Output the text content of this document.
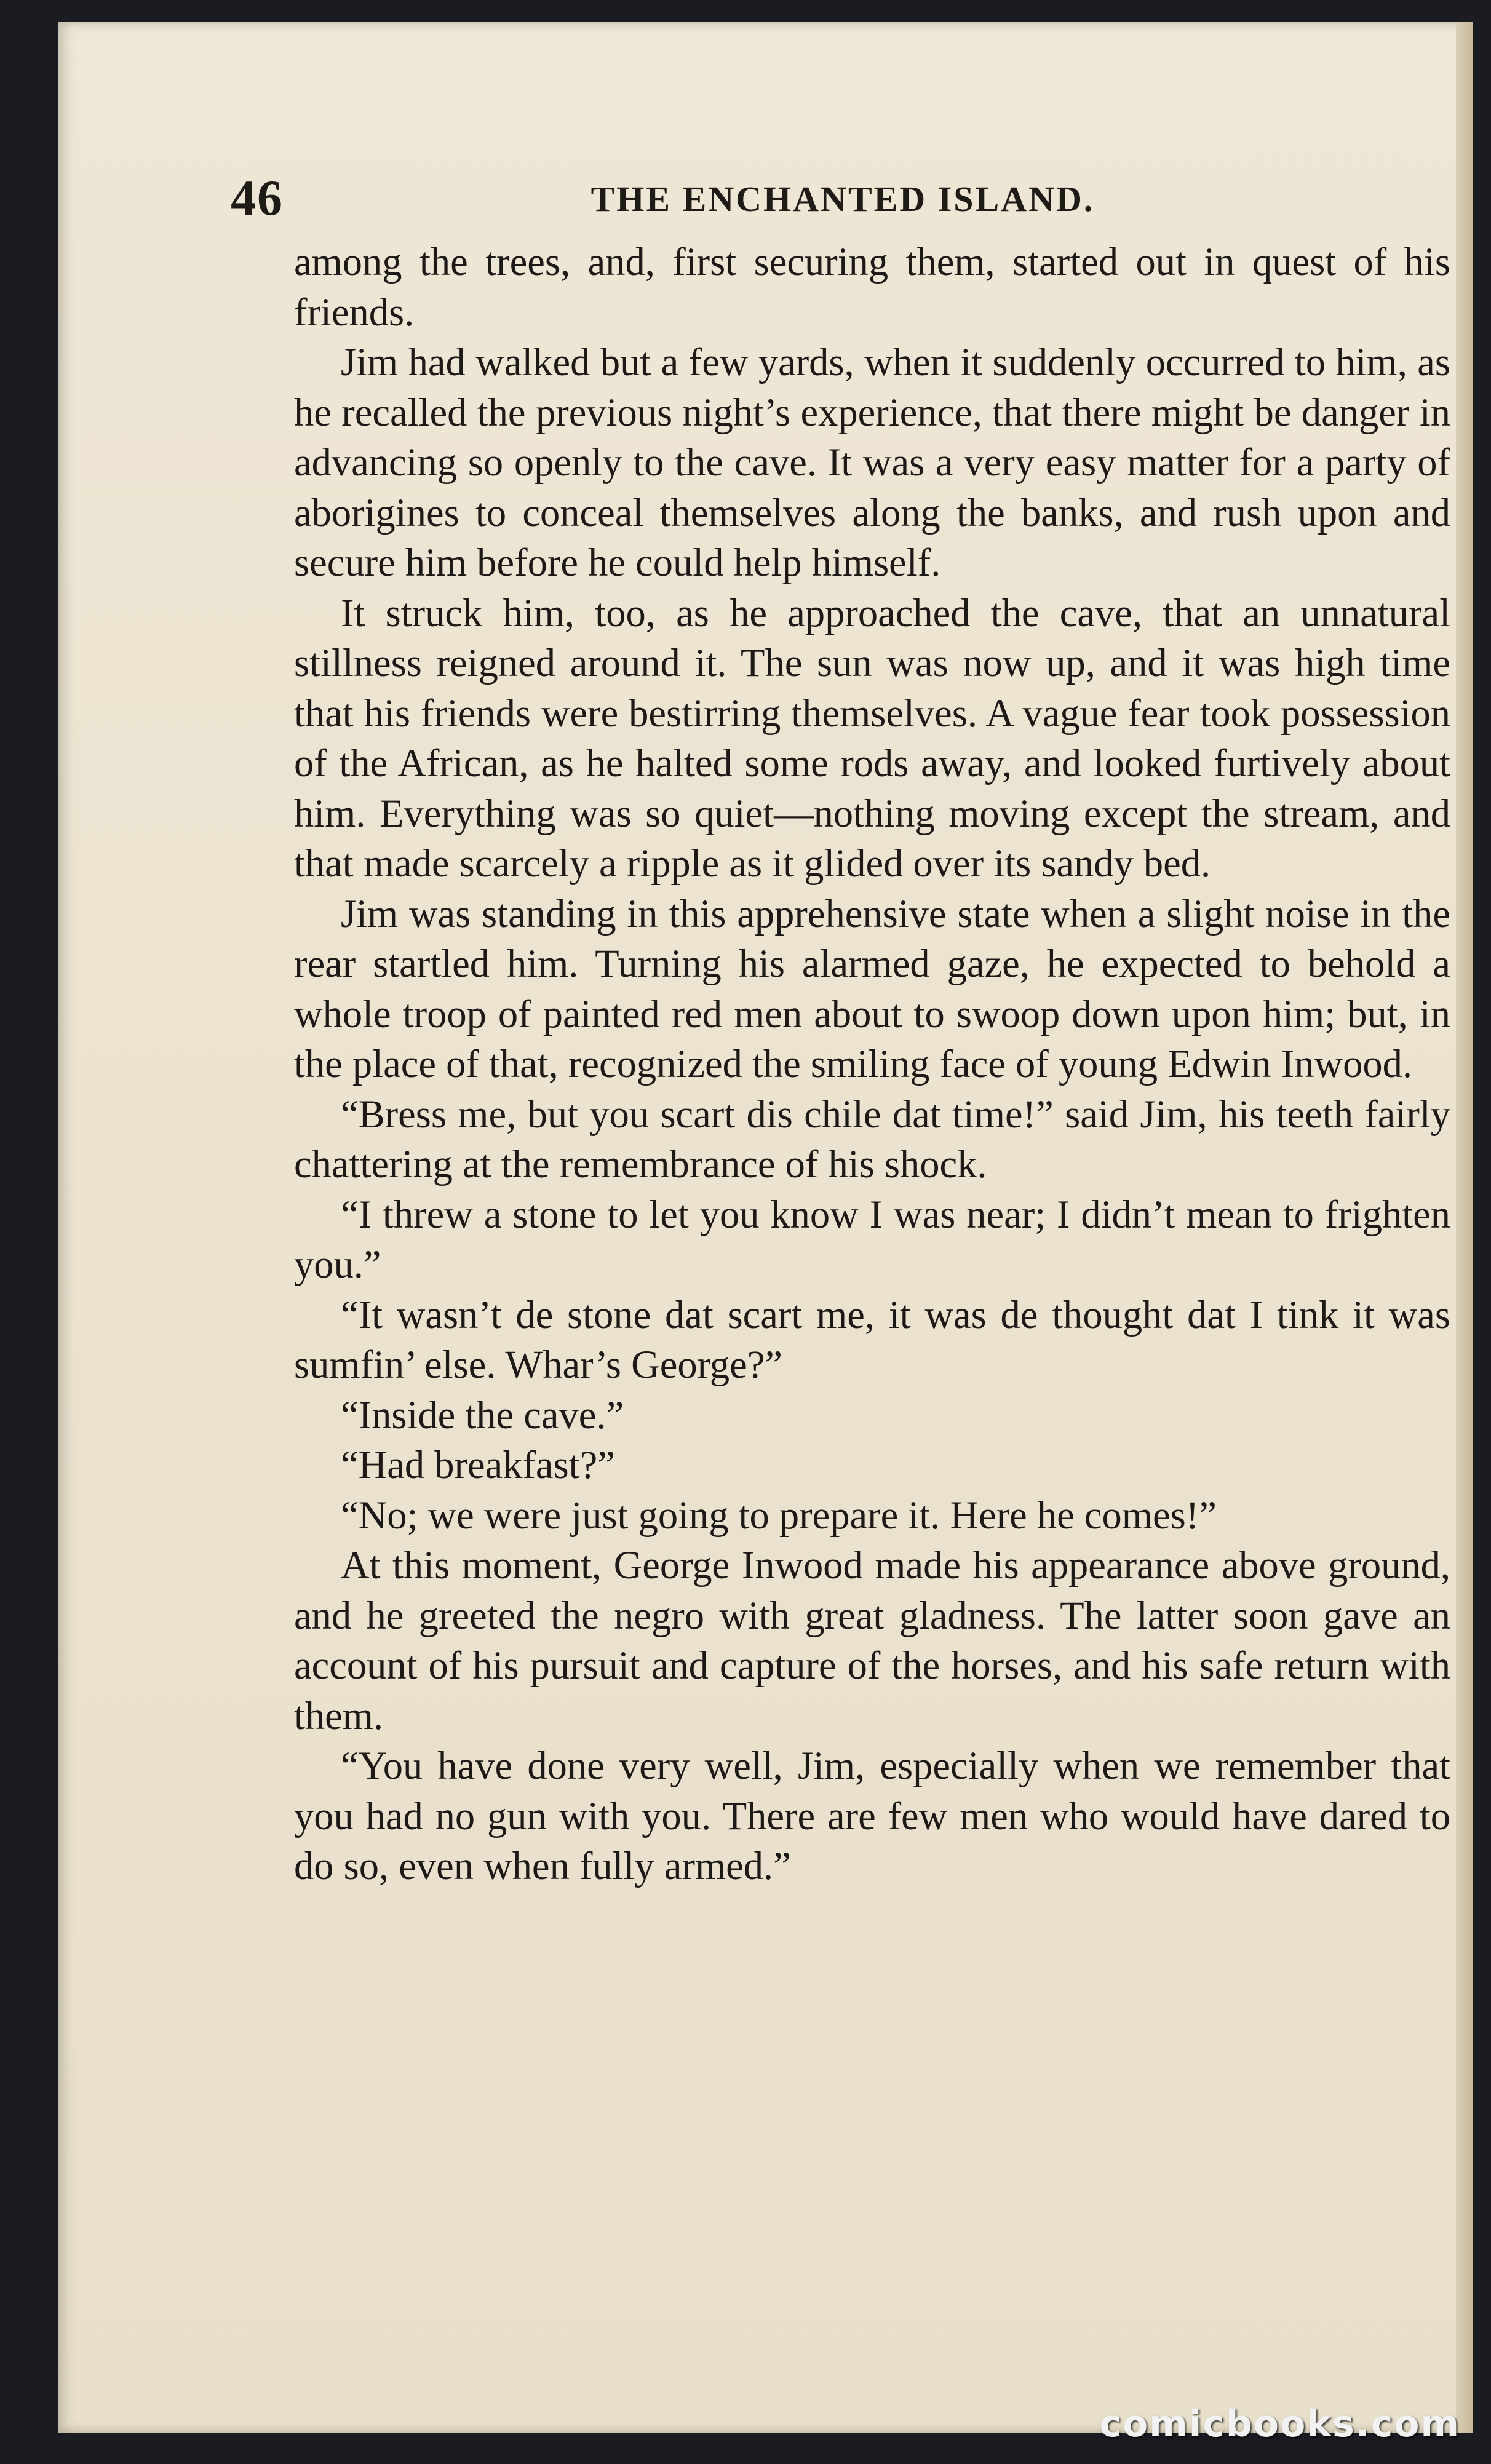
46	THE ENCHANTED ISLAND.

among the trees, and, first securing them, started out in quest of his friends.

Jim had walked but a few yards, when it suddenly occurred to him, as he recalled the previous night’s experience, that there might be danger in advancing so openly to the cave. It was a very easy matter for a party of aborigines to conceal themselves along the banks, and rush upon and secure him before he could help himself.

It struck him, too, as he approached the cave, that an unnatural stillness reigned around it. The sun was now up, and it was high time that his friends were bestirring themselves. A vague fear took possession of the African, as he halted some rods away, and looked furtively about him. Everything was so quiet—nothing moving except the stream, and that made scarcely a ripple as it glided over its sandy bed.

Jim was standing in this apprehensive state when a slight noise in the rear startled him. Turning his alarmed gaze, he expected to behold a whole troop of painted red men about to swoop down upon him; but, in the place of that, recognized the smiling face of young Edwin Inwood.

“Bress me, but you scart dis chile dat time!” said Jim, his teeth fairly chattering at the remembrance of his shock.

“I threw a stone to let you know I was near; I didn’t mean to frighten you.”

“It wasn’t de stone dat scart me, it was de thought dat I tink it was sumfin’ else. Whar’s George?”

“Inside the cave.”

“Had breakfast?”

“No; we were just going to prepare it. Here he comes!”

At this moment, George Inwood made his appearance above ground, and he greeted the negro with great gladness. The latter soon gave an account of his pursuit and capture of the horses, and his safe return with them.

“You have done very well, Jim, especially when we remember that you had no gun with you. There are few men who would have dared to do so, even when fully armed.”

comicbooks.com
